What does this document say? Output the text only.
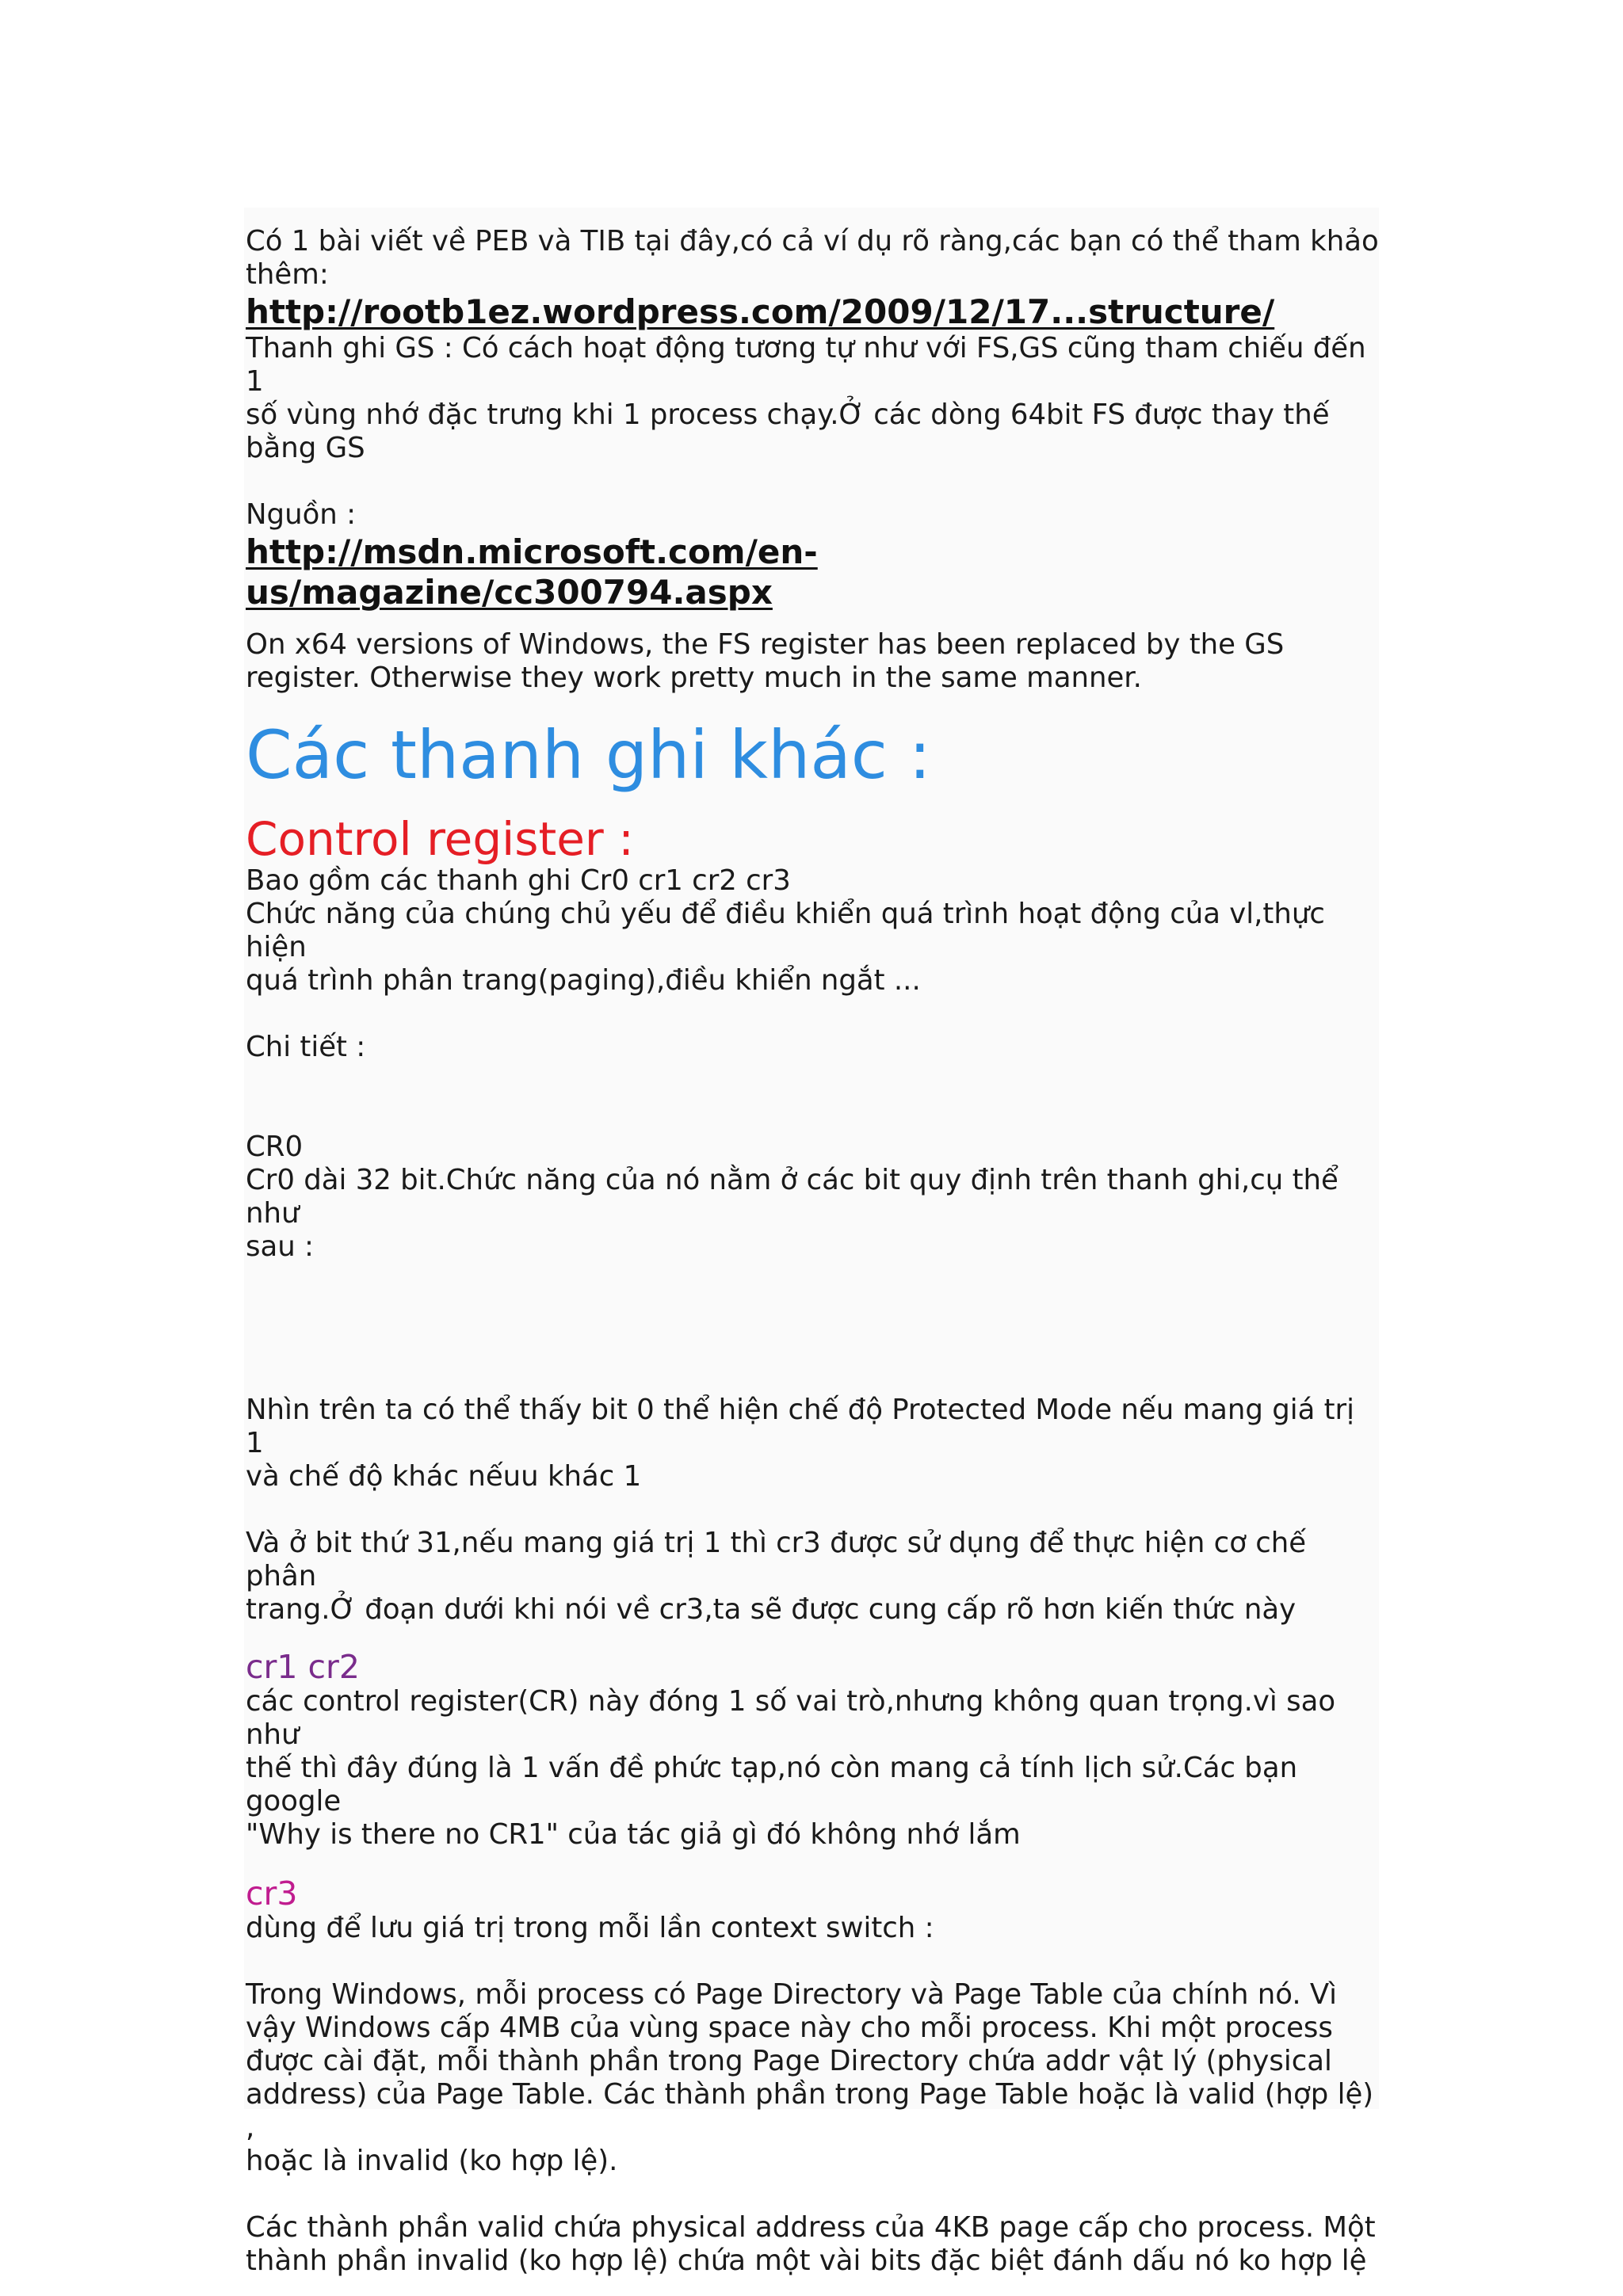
Có 1 bài viết về PEB và TIB tại đây,có cả ví dụ rõ ràng,các bạn có thể tham khảo
thêm:

http://rootb1ez.wordpress.com/2009/12/17...structure/

Thanh ghi GS : Có cách hoạt động tương tự như với FS,GS cũng tham chiếu đến 1
số vùng nhớ đặc trưng khi 1 process chạy.Ở các dòng 64bit FS được thay thế
bằng GS

Nguồn :

http://msdn.microsoft.com/en-
us/magazine/cc300794.aspx

On x64 versions of Windows, the FS register has been replaced by the GS
register. Otherwise they work pretty much in the same manner.

Các thanh ghi khác :
Control register :

Bao gồm các thanh ghi Cr0 cr1 cr2 cr3
Chức năng của chúng chủ yếu để điều khiển quá trình hoạt động của vl,thực hiện
quá trình phân trang(paging),điều khiển ngắt ...

Chi tiết :

CR0
Cr0 dài 32 bit.Chức năng của nó nằm ở các bit quy định trên thanh ghi,cụ thể như
sau :

Nhìn trên ta có thể thấy bit 0 thể hiện chế độ Protected Mode nếu mang giá trị 1
và chế độ khác nếuu khác 1

Và ở bit thứ 31,nếu mang giá trị 1 thì cr3 được sử dụng để thực hiện cơ chế phân
trang.Ở đoạn dưới khi nói về cr3,ta sẽ được cung cấp rõ hơn kiến thức này

cr1 cr2

các control register(CR) này đóng 1 số vai trò,nhưng không quan trọng.vì sao như
thế thì đây đúng là 1 vấn đề phức tạp,nó còn mang cả tính lịch sử.Các bạn google
"Why is there no CR1" của tác giả gì đó không nhớ lắm

cr3

dùng để lưu giá trị trong mỗi lần context switch :

Trong Windows, mỗi process có Page Directory và Page Table của chính nó. Vì
vậy Windows cấp 4MB của vùng space này cho mỗi process. Khi một process
được cài đặt, mỗi thành phần trong Page Directory chứa addr vật lý (physical
address) của Page Table. Các thành phần trong Page Table hoặc là valid (hợp lệ) ,
hoặc là invalid (ko hợp lệ).

Các thành phần valid chứa physical address của 4KB page cấp cho process. Một
thành phần invalid (ko hợp lệ) chứa một vài bits đặc biệt đánh dấu nó ko hợp lệ
